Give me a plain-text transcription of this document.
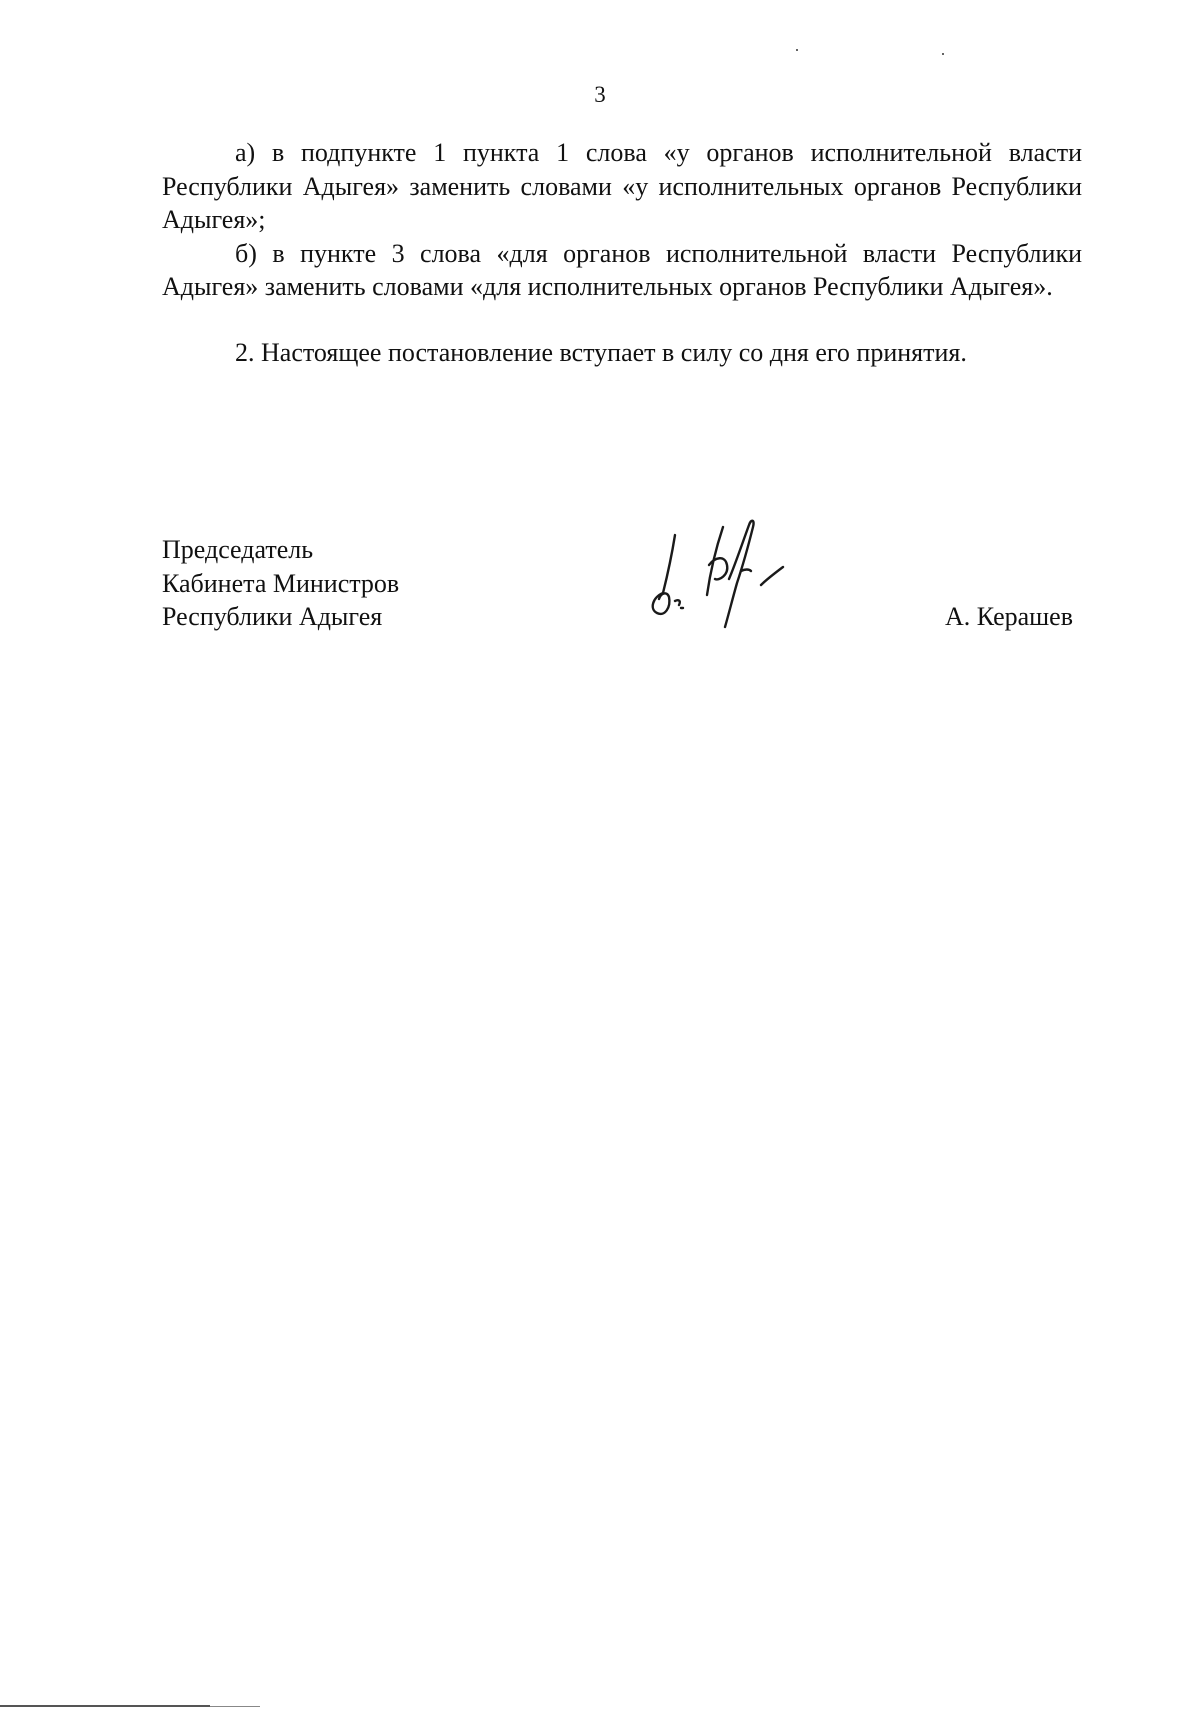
3

а) в подпункте 1 пункта 1 слова «у органов исполнительной власти Республики Адыгея» заменить словами «у исполнительных органов Республики Адыгея»;

б) в пункте 3 слова «для органов исполнительной власти Республики Адыгея» заменить словами «для исполнительных органов Республики Адыгея».

2. Настоящее постановление вступает в силу со дня его принятия.

Председатель
Кабинета Министров
Республики Адыгея	А. Керашев
